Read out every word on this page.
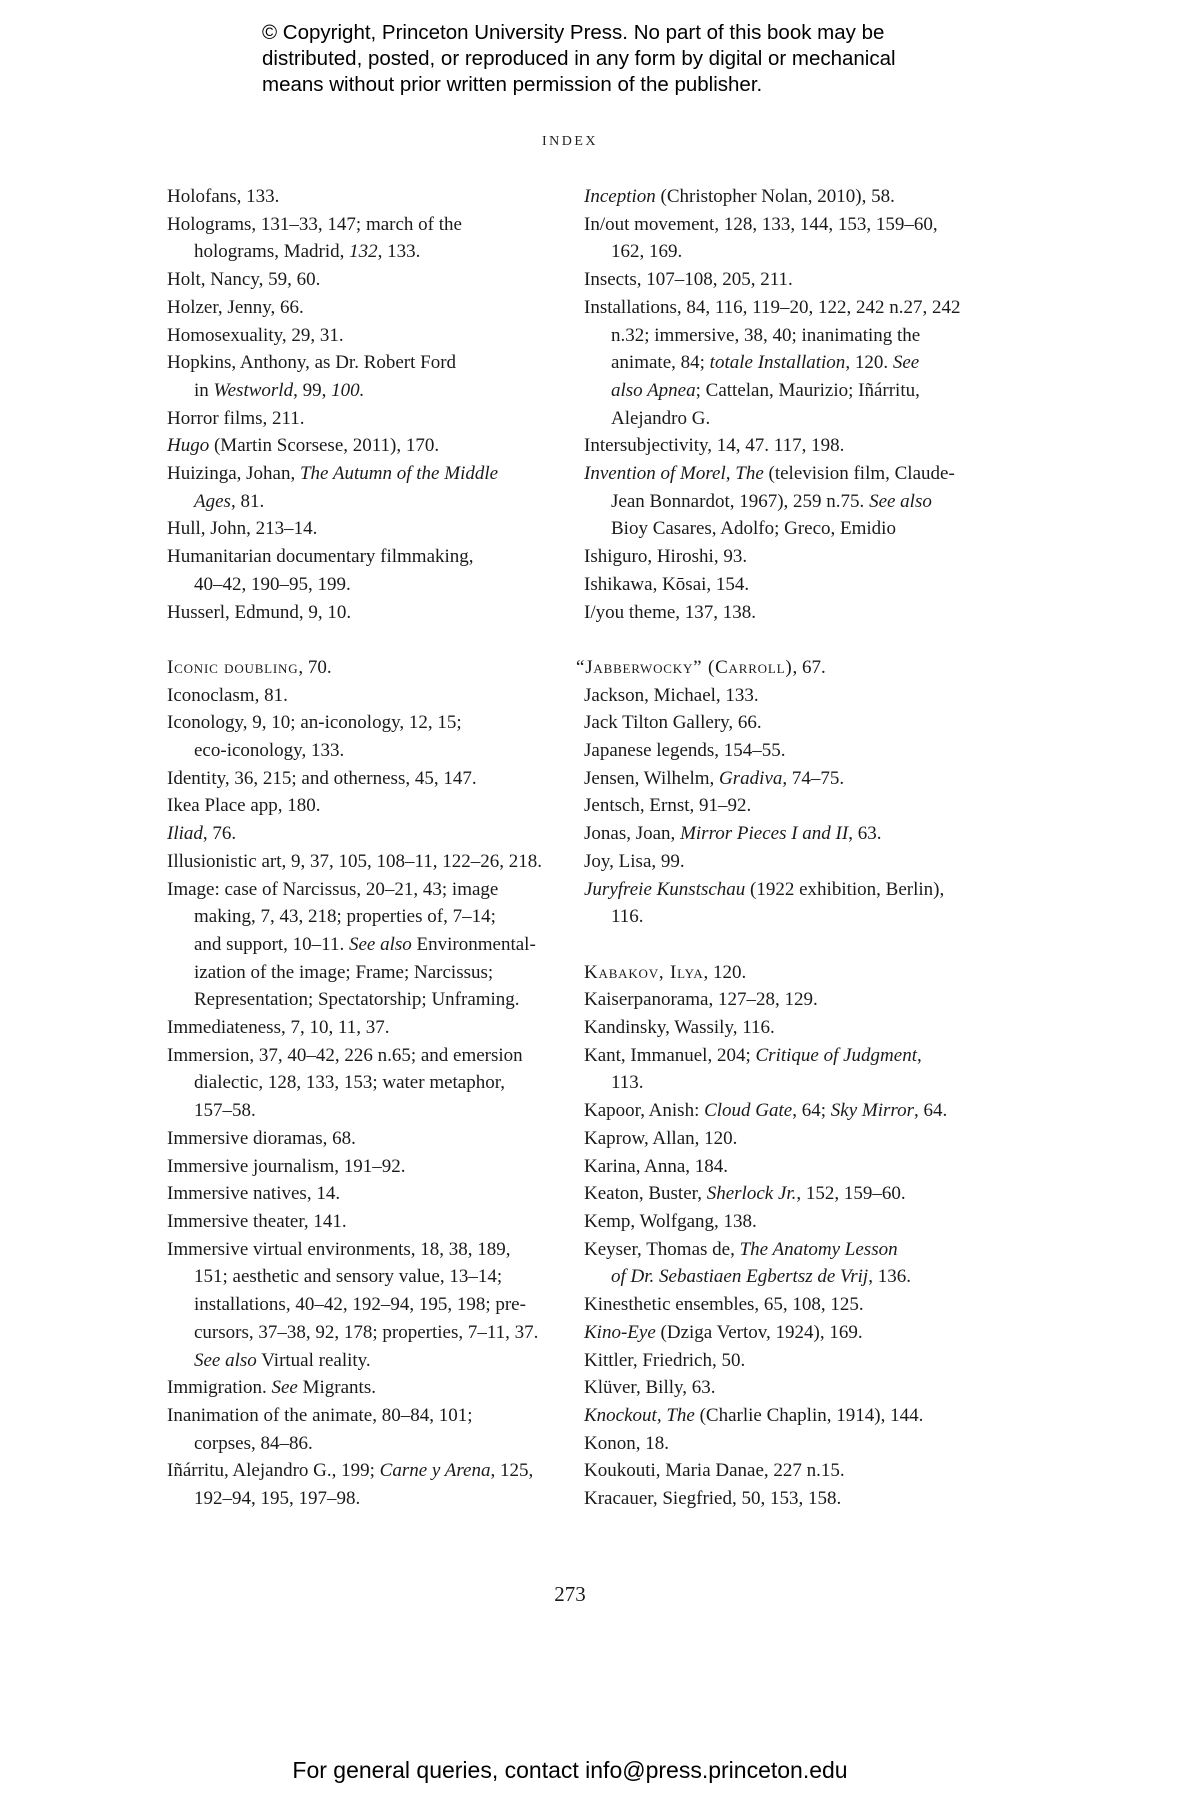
© Copyright, Princeton University Press. No part of this book may be
distributed, posted, or reproduced in any form by digital or mechanical
means without prior written permission of the publisher.
INDEX
Holofans, 133.
Holograms, 131–33, 147; march of the
holograms, Madrid, 132, 133.
Holt, Nancy, 59, 60.
Holzer, Jenny, 66.
Homosexuality, 29, 31.
Hopkins, Anthony, as Dr. Robert Ford
in Westworld, 99, 100.
Horror films, 211.
Hugo (Martin Scorsese, 2011), 170.
Huizinga, Johan, The Autumn of the Middle
Ages, 81.
Hull, John, 213–14.
Humanitarian documentary filmmaking,
40–42, 190–95, 199.
Husserl, Edmund, 9, 10.
Iconic doubling, 70.
Iconoclasm, 81.
Iconology, 9, 10; an-iconology, 12, 15;
eco-iconology, 133.
Identity, 36, 215; and otherness, 45, 147.
Ikea Place app, 180.
Iliad, 76.
Illusionistic art, 9, 37, 105, 108–11, 122–26, 218.
Image: case of Narcissus, 20–21, 43; image
making, 7, 43, 218; properties of, 7–14;
and support, 10–11. See also Environmental-
ization of the image; Frame; Narcissus;
Representation; Spectatorship; Unframing.
Immediateness, 7, 10, 11, 37.
Immersion, 37, 40–42, 226 n.65; and emersion
dialectic, 128, 133, 153; water metaphor,
157–58.
Immersive dioramas, 68.
Immersive journalism, 191–92.
Immersive natives, 14.
Immersive theater, 141.
Immersive virtual environments, 18, 38, 189,
151; aesthetic and sensory value, 13–14;
installations, 40–42, 192–94, 195, 198; pre-
cursors, 37–38, 92, 178; properties, 7–11, 37.
See also Virtual reality.
Immigration. See Migrants.
Inanimation of the animate, 80–84, 101;
corpses, 84–86.
Iñárritu, Alejandro G., 199; Carne y Arena, 125,
192–94, 195, 197–98.
Inception (Christopher Nolan, 2010), 58.
In/out movement, 128, 133, 144, 153, 159–60,
162, 169.
Insects, 107–108, 205, 211.
Installations, 84, 116, 119–20, 122, 242 n.27, 242
n.32; immersive, 38, 40; inanimating the
animate, 84; totale Installation, 120. See
also Apnea; Cattelan, Maurizio; Iñárritu,
Alejandro G.
Intersubjectivity, 14, 47. 117, 198.
Invention of Morel, The (television film, Claude-
Jean Bonnardot, 1967), 259 n.75. See also
Bioy Casares, Adolfo; Greco, Emidio
Ishiguro, Hiroshi, 93.
Ishikawa, Kōsai, 154.
I/you theme, 137, 138.
“Jabberwocky” (Carroll), 67.
Jackson, Michael, 133.
Jack Tilton Gallery, 66.
Japanese legends, 154–55.
Jensen, Wilhelm, Gradiva, 74–75.
Jentsch, Ernst, 91–92.
Jonas, Joan, Mirror Pieces I and II, 63.
Joy, Lisa, 99.
Juryfreie Kunstschau (1922 exhibition, Berlin),
116.
Kabakov, Ilya, 120.
Kaiserpanorama, 127–28, 129.
Kandinsky, Wassily, 116.
Kant, Immanuel, 204; Critique of Judgment,
113.
Kapoor, Anish: Cloud Gate, 64; Sky Mirror, 64.
Kaprow, Allan, 120.
Karina, Anna, 184.
Keaton, Buster, Sherlock Jr., 152, 159–60.
Kemp, Wolfgang, 138.
Keyser, Thomas de, The Anatomy Lesson
of Dr. Sebastiaen Egbertsz de Vrij, 136.
Kinesthetic ensembles, 65, 108, 125.
Kino-Eye (Dziga Vertov, 1924), 169.
Kittler, Friedrich, 50.
Klüver, Billy, 63.
Knockout, The (Charlie Chaplin, 1914), 144.
Konon, 18.
Koukouti, Maria Danae, 227 n.15.
Kracauer, Siegfried, 50, 153, 158.
273
For general queries, contact info@press.princeton.edu
